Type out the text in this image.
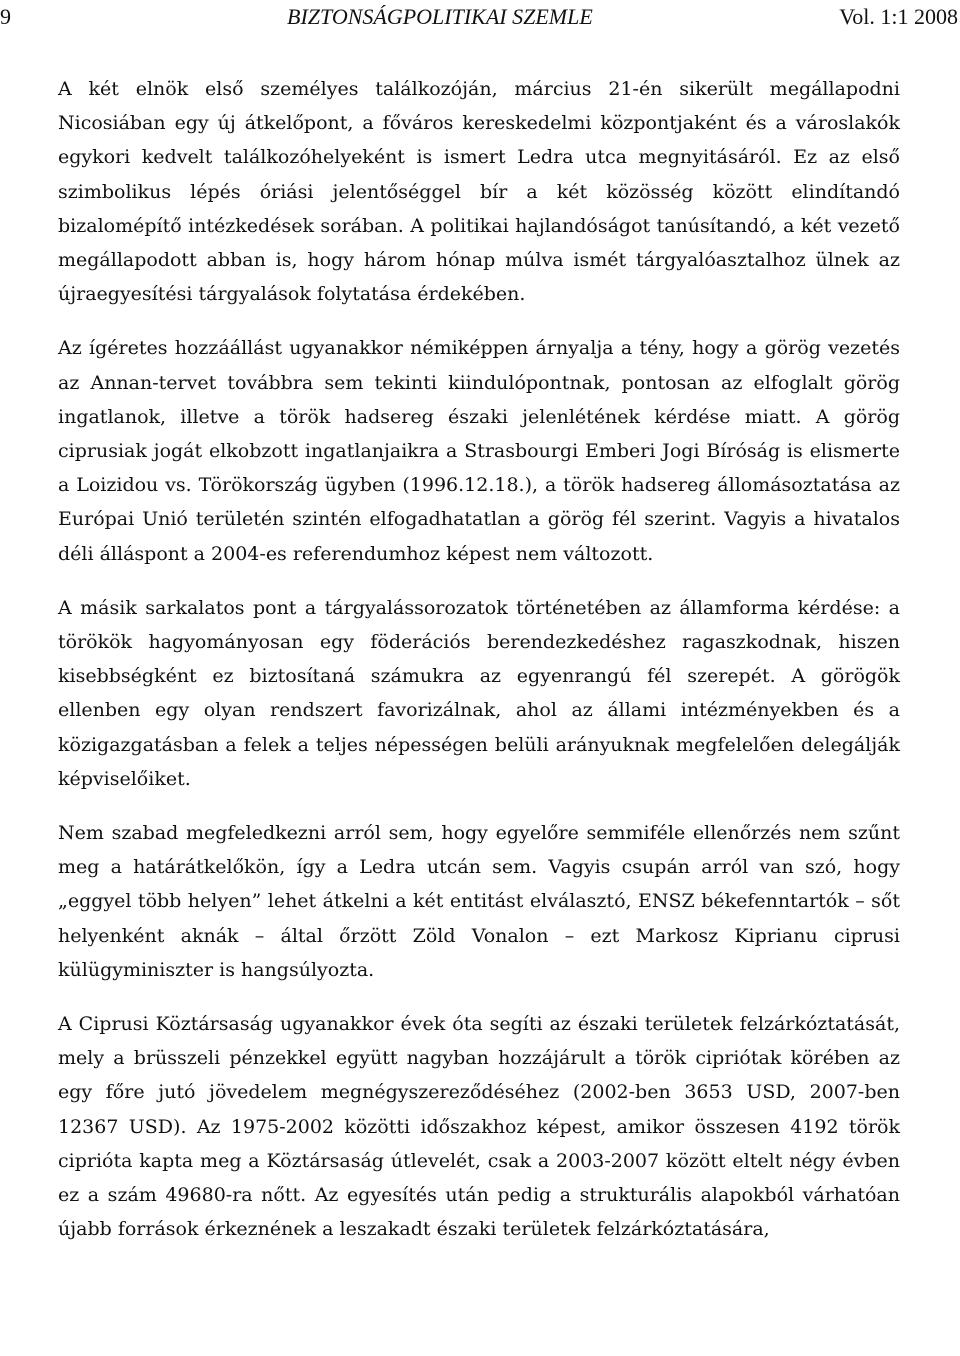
9	BIZTONSÁGPOLITIKAI SZEMLE	Vol. 1:1 2008

A két elnök első személyes találkozóján, március 21-én sikerült megállapodni Nicosiában egy új átkelőpont, a főváros kereskedelmi központjaként és a városlakók egykori kedvelt találkozóhelyeként is ismert Ledra utca megnyitásáról. Ez az első szimbolikus lépés óriási jelentőséggel bír a két közösség között elindítandó bizalomépítő intézkedések sorában. A politikai hajlandóságot tanúsítandó, a két vezető megállapodott abban is, hogy három hónap múlva ismét tárgyalóasztalhoz ülnek az újraegyesítési tárgyalások folytatása érdekében.

Az ígéretes hozzáállást ugyanakkor némiképpen árnyalja a tény, hogy a görög vezetés az Annan-tervet továbbra sem tekinti kiindulópontnak, pontosan az elfoglalt görög ingatlanok, illetve a török hadsereg északi jelenlétének kérdése miatt. A görög ciprusiak jogát elkobzott ingatlanjaikra a Strasbourgi Emberi Jogi Bíróság is elismerte a Loizidou vs. Törökország ügyben (1996.12.18.), a török hadsereg állomásoztatása az Európai Unió területén szintén elfogadhatatlan a görög fél szerint. Vagyis a hivatalos déli álláspont a 2004-es referendumhoz képest nem változott.

A másik sarkalatos pont a tárgyalássorozatok történetében az államforma kérdése: a törökök hagyományosan egy föderációs berendezkedéshez ragaszkodnak, hiszen kisebbségként ez biztosítaná számukra az egyenrangú fél szerepét. A görögök ellenben egy olyan rendszert favorizálnak, ahol az állami intézményekben és a közigazgatásban a felek a teljes népességen belüli arányuknak megfelelően delegálják képviselőiket.

Nem szabad megfeledkezni arról sem, hogy egyelőre semmiféle ellenőrzés nem szűnt meg a határátkelőkön, így a Ledra utcán sem. Vagyis csupán arról van szó, hogy „eggyel több helyen” lehet átkelni a két entitást elválasztó, ENSZ békefenntartók – sőt helyenként aknák – által őrzött Zöld Vonalon – ezt Markosz Kiprianu ciprusi külügyminiszter is hangsúlyozta.

A Ciprusi Köztársaság ugyanakkor évek óta segíti az északi területek felzárkóztatását, mely a brüsszeli pénzekkel együtt nagyban hozzájárult a török cipriótak körében az egy főre jutó jövedelem megnégyszereződéséhez (2002-ben 3653 USD, 2007-ben 12367 USD). Az 1975-2002 közötti időszakhoz képest, amikor összesen 4192 török ciprióta kapta meg a Köztársaság útlevelét, csak a 2003-2007 között eltelt négy évben ez a szám 49680-ra nőtt. Az egyesítés után pedig a strukturális alapokból várhatóan újabb források érkeznének a leszakadt északi területek felzárkóztatására,
